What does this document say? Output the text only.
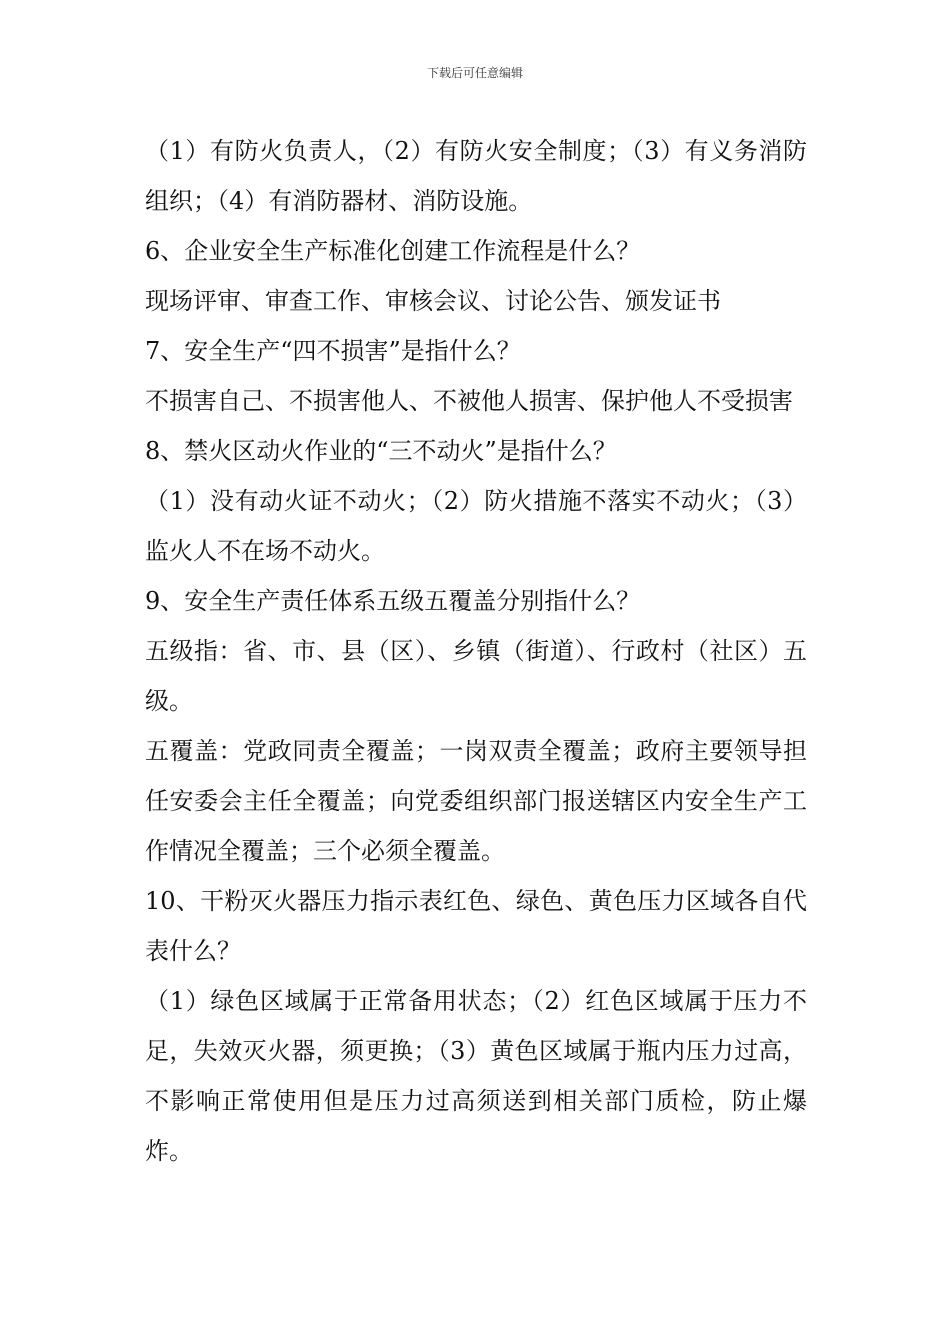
下载后可任意编辑

（1）有防火负责人，（2）有防火安全制度；（3）有义务消防组织；（4）有消防器材、消防设施。

6、企业安全生产标准化创建工作流程是什么？

现场评审、审查工作、审核会议、讨论公告、颁发证书

7、安全生产“四不损害”是指什么？

不损害自己、不损害他人、不被他人损害、保护他人不受损害

8、禁火区动火作业的“三不动火”是指什么？

（1）没有动火证不动火；（2）防火措施不落实不动火；（3）监火人不在场不动火。

9、安全生产责任体系五级五覆盖分别指什么？

五级指：省、市、县（区）、乡镇（街道）、行政村（社区）五级。

五覆盖：党政同责全覆盖；一岗双责全覆盖；政府主要领导担任安委会主任全覆盖；向党委组织部门报送辖区内安全生产工作情况全覆盖；三个必须全覆盖。

10、干粉灭火器压力指示表红色、绿色、黄色压力区域各自代表什么？

（1）绿色区域属于正常备用状态；（2）红色区域属于压力不足，失效灭火器，须更换；（3）黄色区域属于瓶内压力过高，不影响正常使用但是压力过高须送到相关部门质检，防止爆炸。
